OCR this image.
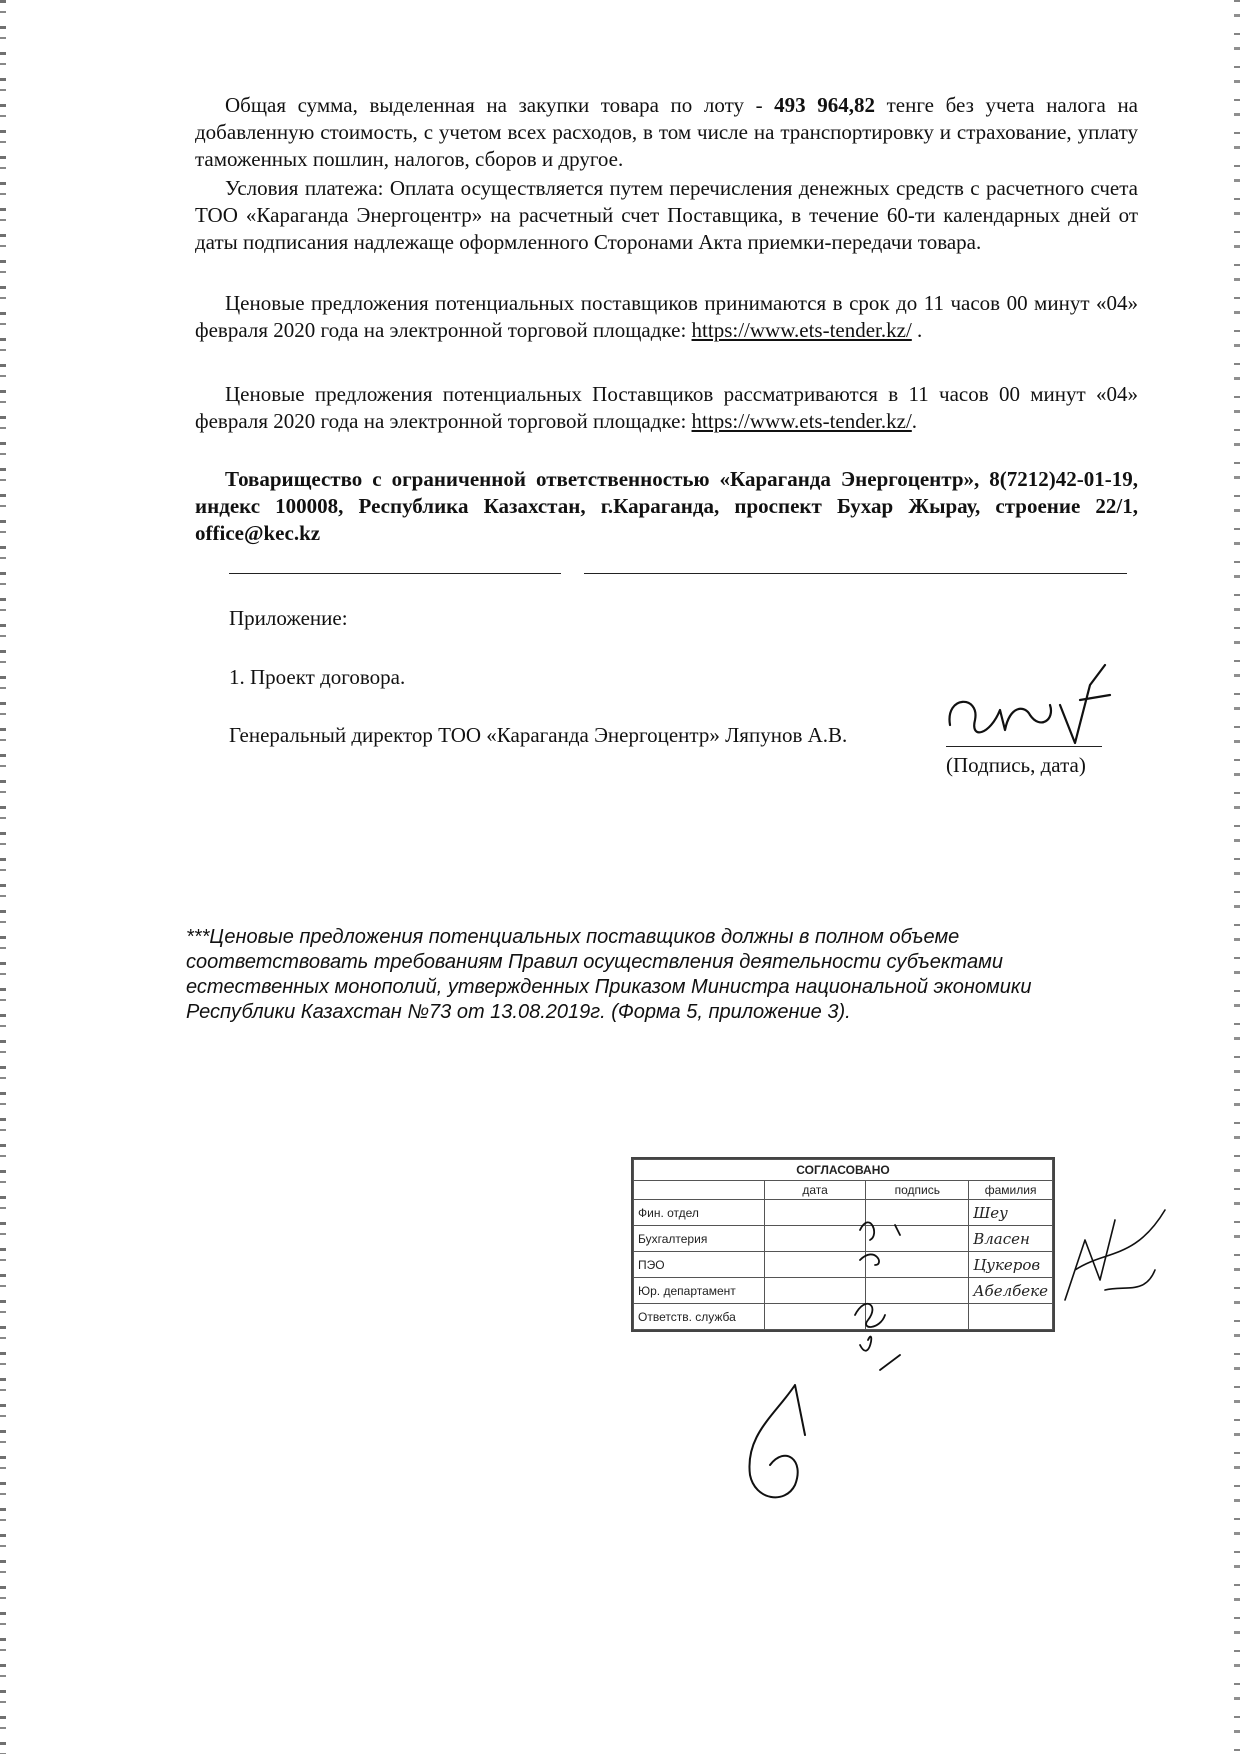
Общая сумма, выделенная на закупки товара по лоту - 493 964,82 тенге без учета налога на добавленную стоимость, с учетом всех расходов, в том числе на транспортировку и страхование, уплату таможенных пошлин, налогов, сборов и другое.

Условия платежа: Оплата осуществляется путем перечисления денежных средств с расчетного счета ТОО «Караганда Энергоцентр» на расчетный счет Поставщика, в течение 60-ти календарных дней от даты подписания надлежаще оформленного Сторонами Акта приемки-передачи товара.

Ценовые предложения потенциальных поставщиков принимаются в срок до 11 часов 00 минут «04» февраля 2020 года на электронной торговой площадке: https://www.ets-tender.kz/ .

Ценовые предложения потенциальных Поставщиков рассматриваются в 11 часов 00 минут «04» февраля 2020 года на электронной торговой площадке: https://www.ets-tender.kz/.

Товарищество с ограниченной ответственностью «Караганда Энергоцентр», 8(7212)42-01-19, индекс 100008, Республика Казахстан, г.Караганда, проспект Бухар Жырау, строение 22/1, office@kec.kz

Приложение:

1. Проект договора.

Генеральный директор ТОО «Караганда Энергоцентр» Ляпунов А.В.

(Подпись, дата)

***Ценовые предложения потенциальных поставщиков должны в полном объеме соответствовать требованиям Правил осуществления деятельности субъектами естественных монополий, утвержденных Приказом Министра национальной экономики Республики Казахстан №73 от 13.08.2019г. (Форма 5, приложение 3).

СОГЛАСОВАНО			
	дата	подпись	фамилия
Фин. отдел			Шеу
Бухгалтерия			Власен
ПЭО			Цукеров
Юр. департамент			Абелбеке
Ответств. служба			
